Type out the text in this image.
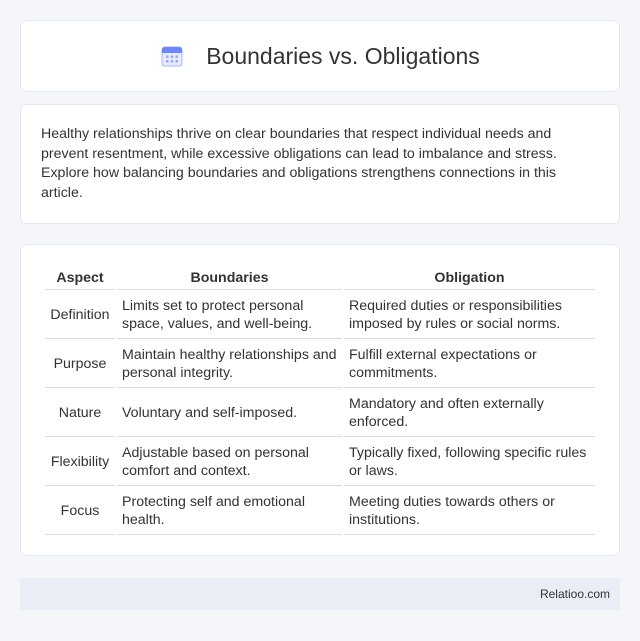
Boundaries vs. Obligations

Healthy relationships thrive on clear boundaries that respect individual needs and prevent resentment, while excessive obligations can lead to imbalance and stress. Explore how balancing boundaries and obligations strengthens connections in this article.

Aspect	Boundaries	Obligation
Definition	Limits set to protect personal space, values, and well-being.	Required duties or responsibilities imposed by rules or social norms.
Purpose	Maintain healthy relationships and personal integrity.	Fulfill external expectations or commitments.
Nature	Voluntary and self-imposed.	Mandatory and often externally enforced.
Flexibility	Adjustable based on personal comfort and context.	Typically fixed, following specific rules or laws.
Focus	Protecting self and emotional health.	Meeting duties towards others or institutions.
Relatioo.com
